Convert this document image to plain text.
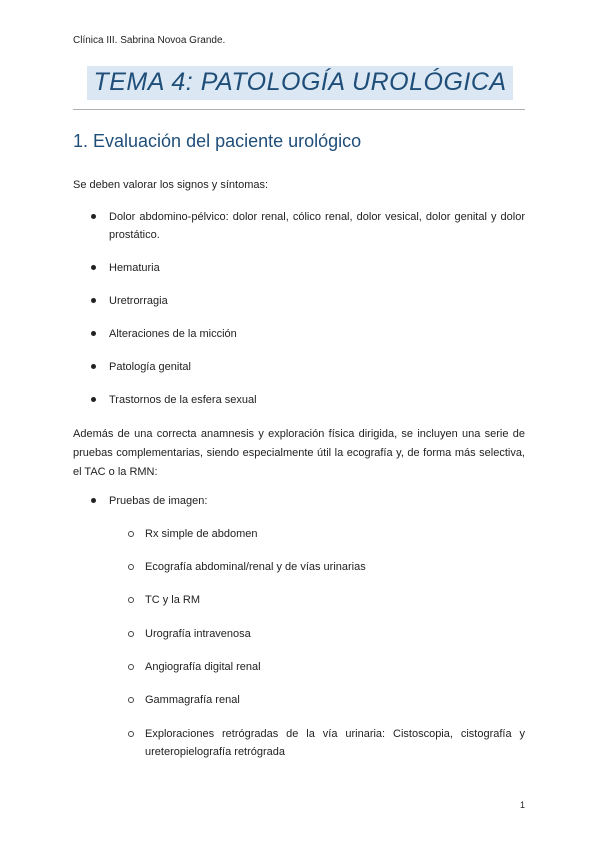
Clínica III. Sabrina Novoa Grande.
TEMA 4: PATOLOGÍA UROLÓGICA
1. Evaluación del paciente urológico
Se deben valorar los signos y síntomas:
Dolor abdomino-pélvico: dolor renal, cólico renal, dolor vesical, dolor genital y dolor prostático.
Hematuria
Uretrorragia
Alteraciones de la micción
Patología genital
Trastornos de la esfera sexual
Además de una correcta anamnesis y exploración física dirigida, se incluyen una serie de pruebas complementarias, siendo especialmente útil la ecografía y, de forma más selectiva, el TAC o la RMN:
Pruebas de imagen:
Rx simple de abdomen
Ecografía abdominal/renal y de vías urinarias
TC y la RM
Urografía intravenosa
Angiografía digital renal
Gammagrafía renal
Exploraciones retrógradas de la vía urinaria: Cistoscopia, cistografía y ureteropielografía retrógrada
1
